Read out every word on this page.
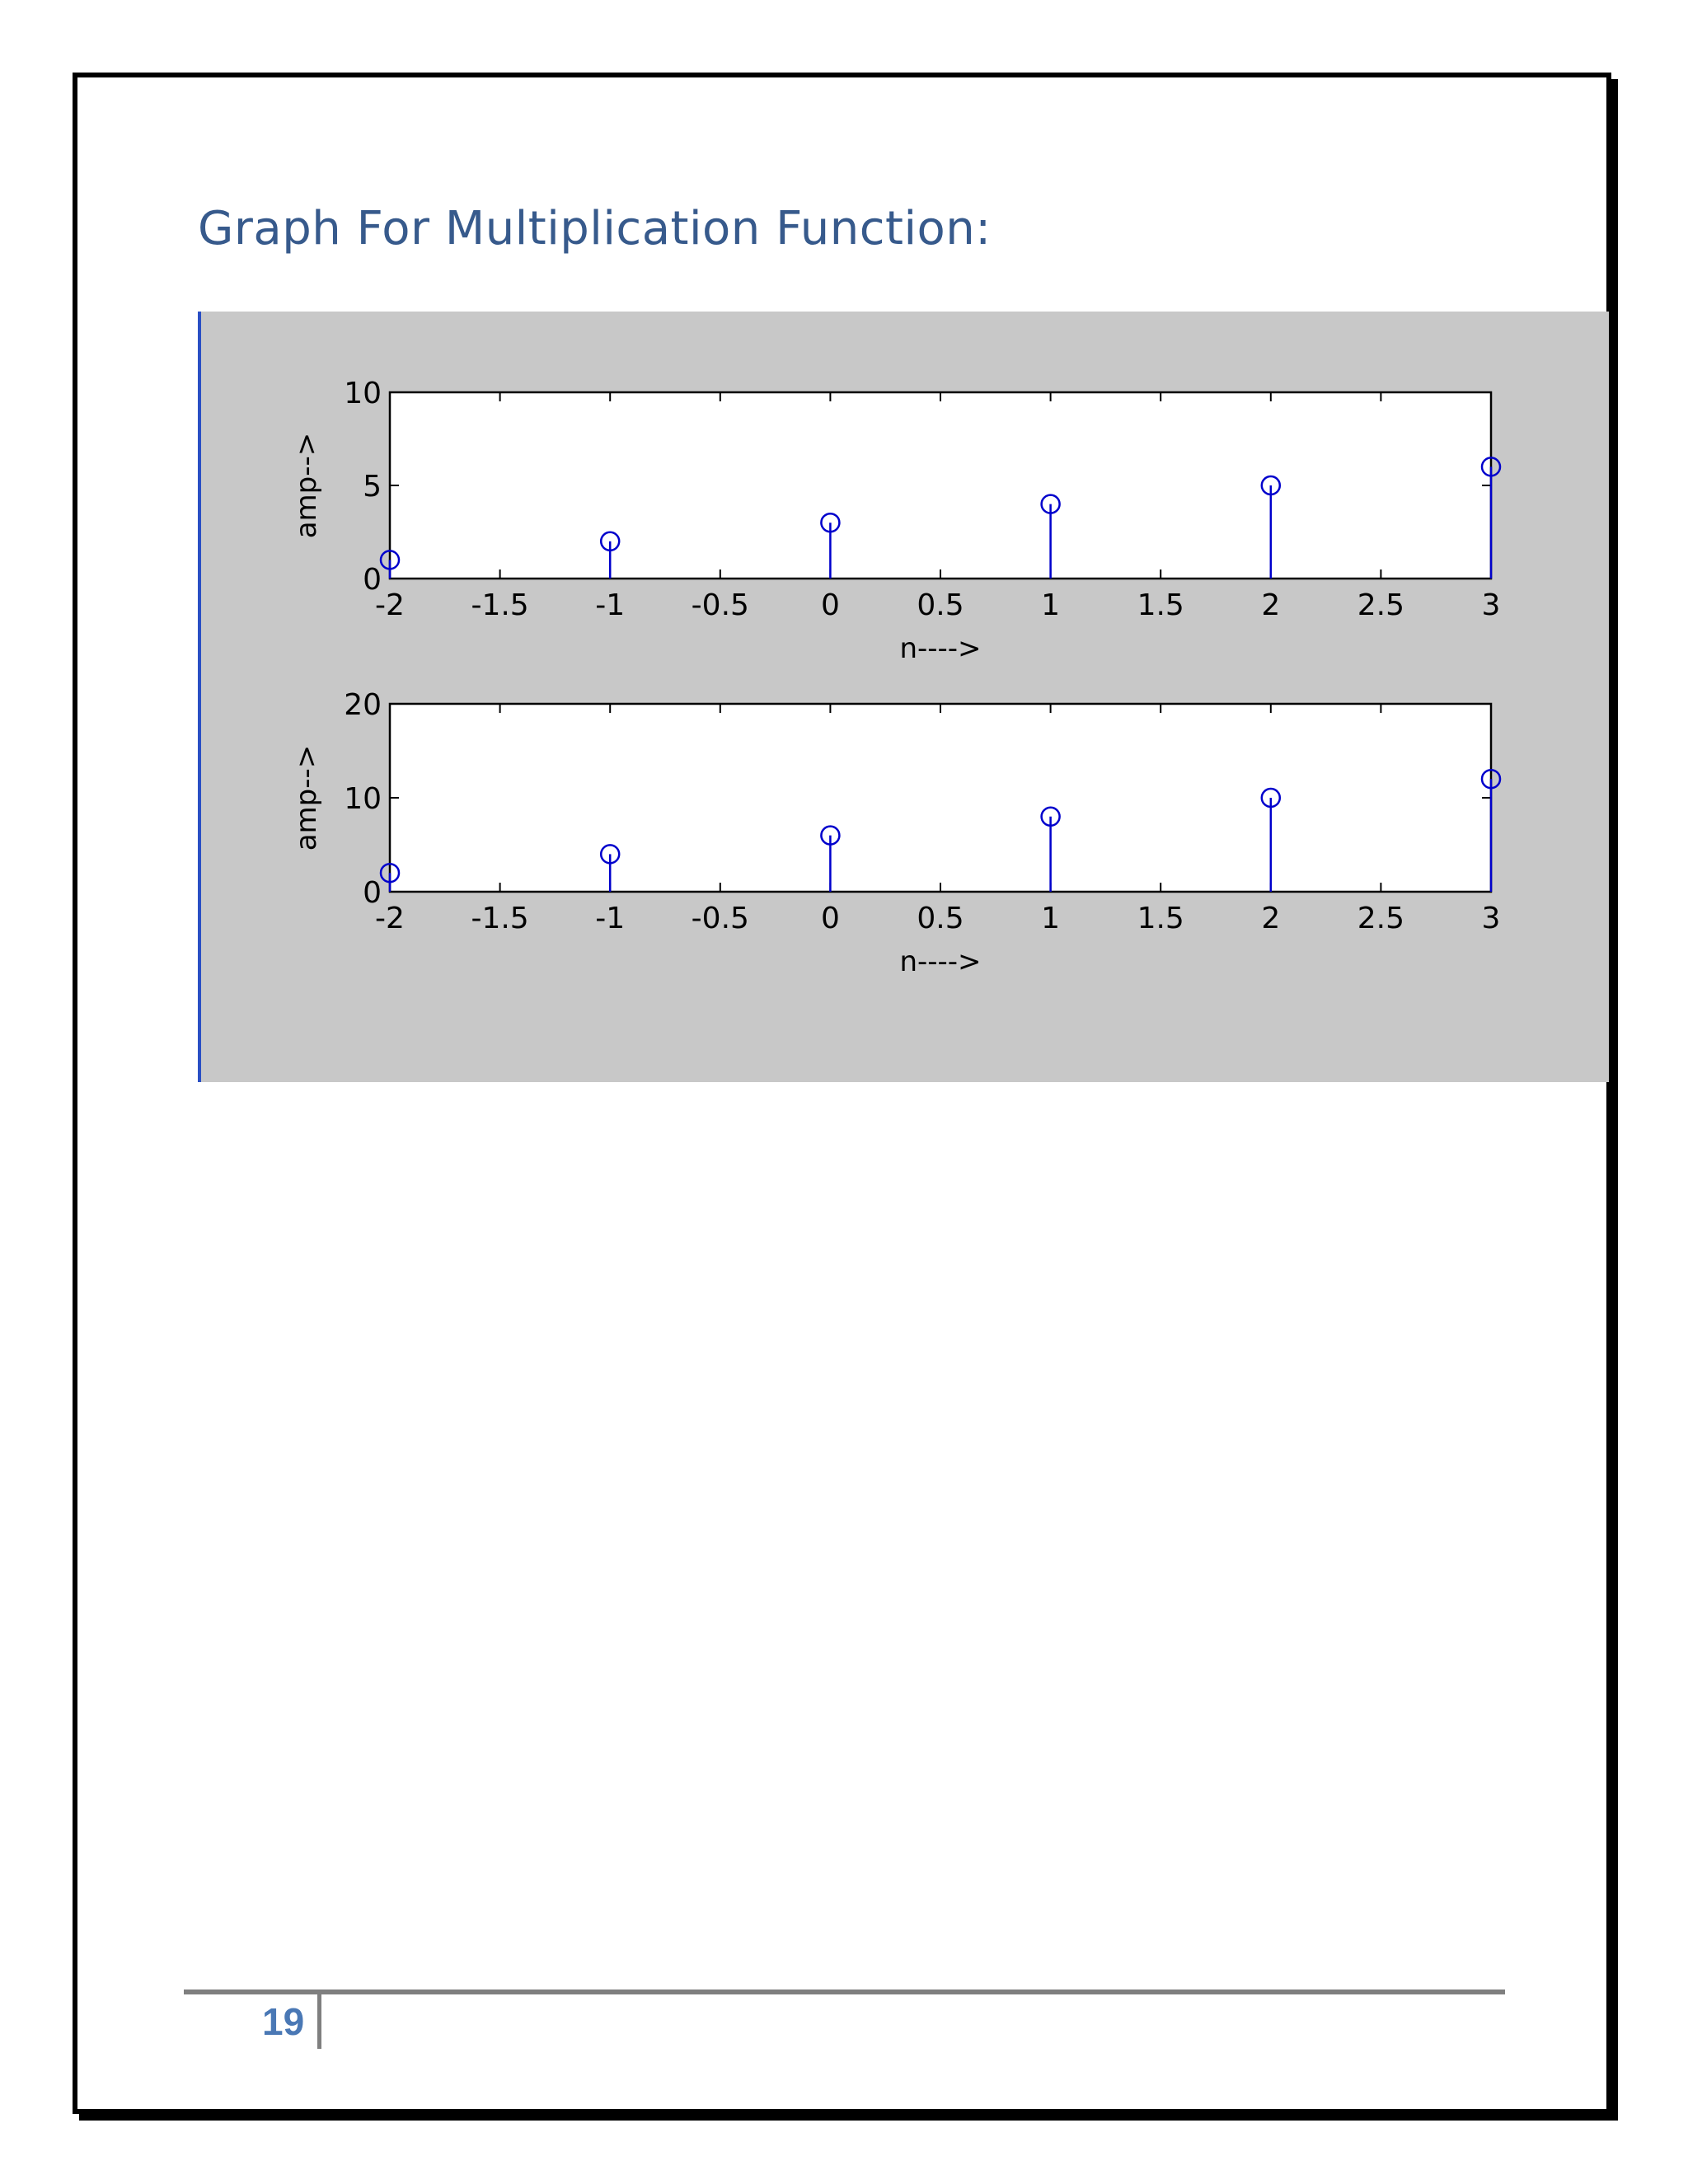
Graph For Multiplication Function:
-2 -1.5 -1 -0.5 0	0.5	1	1.5	2	2.5	3
0
5
10
n---->
amp-->
-2 -1.5 -1 -0.5 0	0.5	1	1.5	2	2.5	3
0
10
20
n---->
amp-->
19
